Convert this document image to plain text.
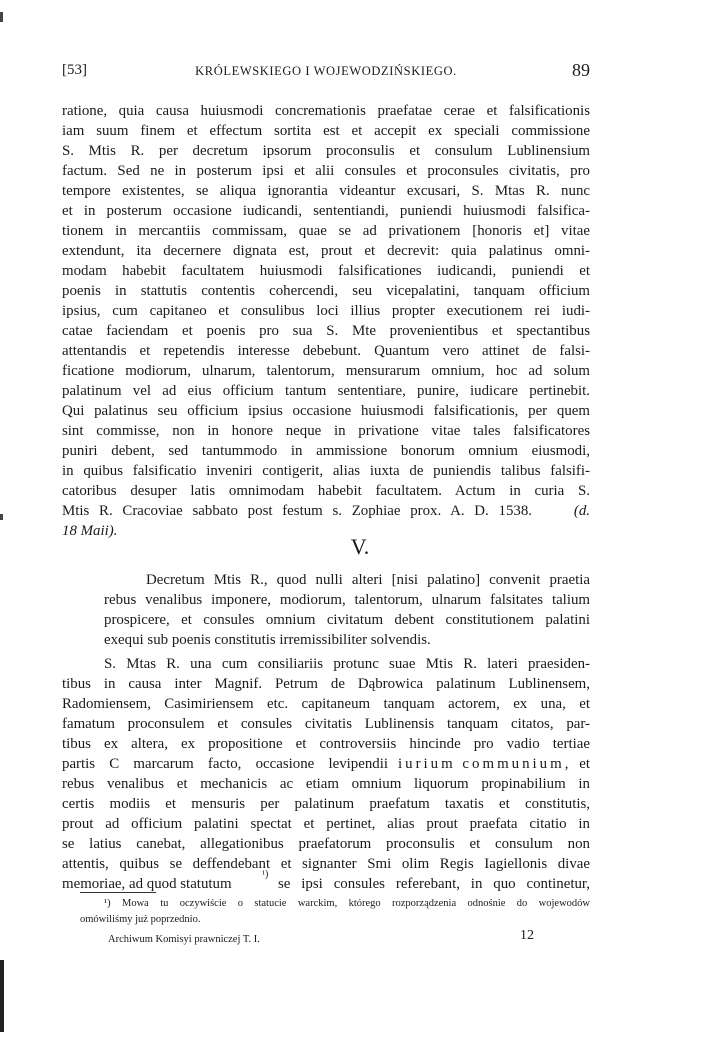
[53]	KRÓLEWSKIEGO I WOJEWODZIŃSKIEGO.	89
ratione, quia causa huiusmodi concremationis praefatae cerae et falsificationis
iam suum finem et effectum sortita est et accepit ex speciali commissione
S. Mtis R. per decretum ipsorum proconsulis et consulum Lublinensium
factum. Sed ne in posterum ipsi et alii consules et proconsules civitatis, pro
tempore existentes, se aliqua ignorantia videantur excusari, S. Mtas R. nunc
et in posterum occasione iudicandi, sententiandi, puniendi huiusmodi falsifica-
tionem in mercantiis commissam, quae se ad privationem [honoris et] vitae
extendunt, ita decernere dignata est, prout et decrevit: quia palatinus omni-
modam habebit facultatem huiusmodi falsificationes iudicandi, puniendi et
poenis in stattutis contentis cohercendi, seu vicepalatini, tanquam officium
ipsius, cum capitaneo et consulibus loci illius propter executionem rei iudi-
catae faciendam et poenis pro sua S. Mte provenientibus et spectantibus
attentandis et repetendis interesse debebunt. Quantum vero attinet de falsi-
ficatione modiorum, ulnarum, talentorum, mensurarum omnium, hoc ad solum
palatinum vel ad eius officium tantum sententiare, punire, iudicare pertinebit.
Qui palatinus seu officium ipsius occasione huiusmodi falsificationis, per quem
sint commisse, non in honore neque in privatione vitae tales falsificatores
puniri debent, sed tantummodo in ammissione bonorum omnium eiusmodi,
in quibus falsificatio inveniri contigerit, alias iuxta de puniendis talibus falsifi-
catoribus desuper latis omnimodam habebit facultatem. Actum in curia S.
Mtis R. Cracoviae sabbato post festum s. Zophiae prox. A. D. 1538.	(d.
18 Maii).
V.
Decretum Mtis R., quod nulli alteri [nisi palatino] convenit praetia
rebus venalibus imponere, modiorum, talentorum, ulnarum falsitates talium
prospicere, et consules omnium civitatum debent constitutionem palatini
exequi sub poenis constitutis irremissibiliter solvendis.
S. Mtas R. una cum consiliariis protunc suae Mtis R. lateri praesiden-
tibus in causa inter Magnif. Petrum de Dąbrowica palatinum Lublinensem,
Radomiensem, Casimiriensem etc. capitaneum tanquam actorem, ex una, et
famatum proconsulem et consules civitatis Lublinensis tanquam citatos, par-
tibus ex altera, ex propositione et controversiis hincinde pro vadio tertiae
partis C marcarum facto, occasione levipendii iurium communium, et
rebus venalibus et mechanicis ac etiam omnium liquorum propinabilium in
certis modiis et mensuris per palatinum praefatum taxatis et constitutis,
prout ad officium palatini spectat et pertinet, alias prout praefata citatio in
se latius canebat, allegationibus praefatorum proconsulis et consulum non
attentis, quibus se deffendebant et signanter Smi olim Regis Iagiellonis divae
memoriae, ad quod statutum
¹)
se ipsi consules referebant, in quo continetur,
¹) Mowa tu oczywiście o statucie warckim, którego rozporządzenia odnośnie do wojewodów
omówiliśmy już poprzednio.
Archiwum Komisyi prawniczej T. I.	12
